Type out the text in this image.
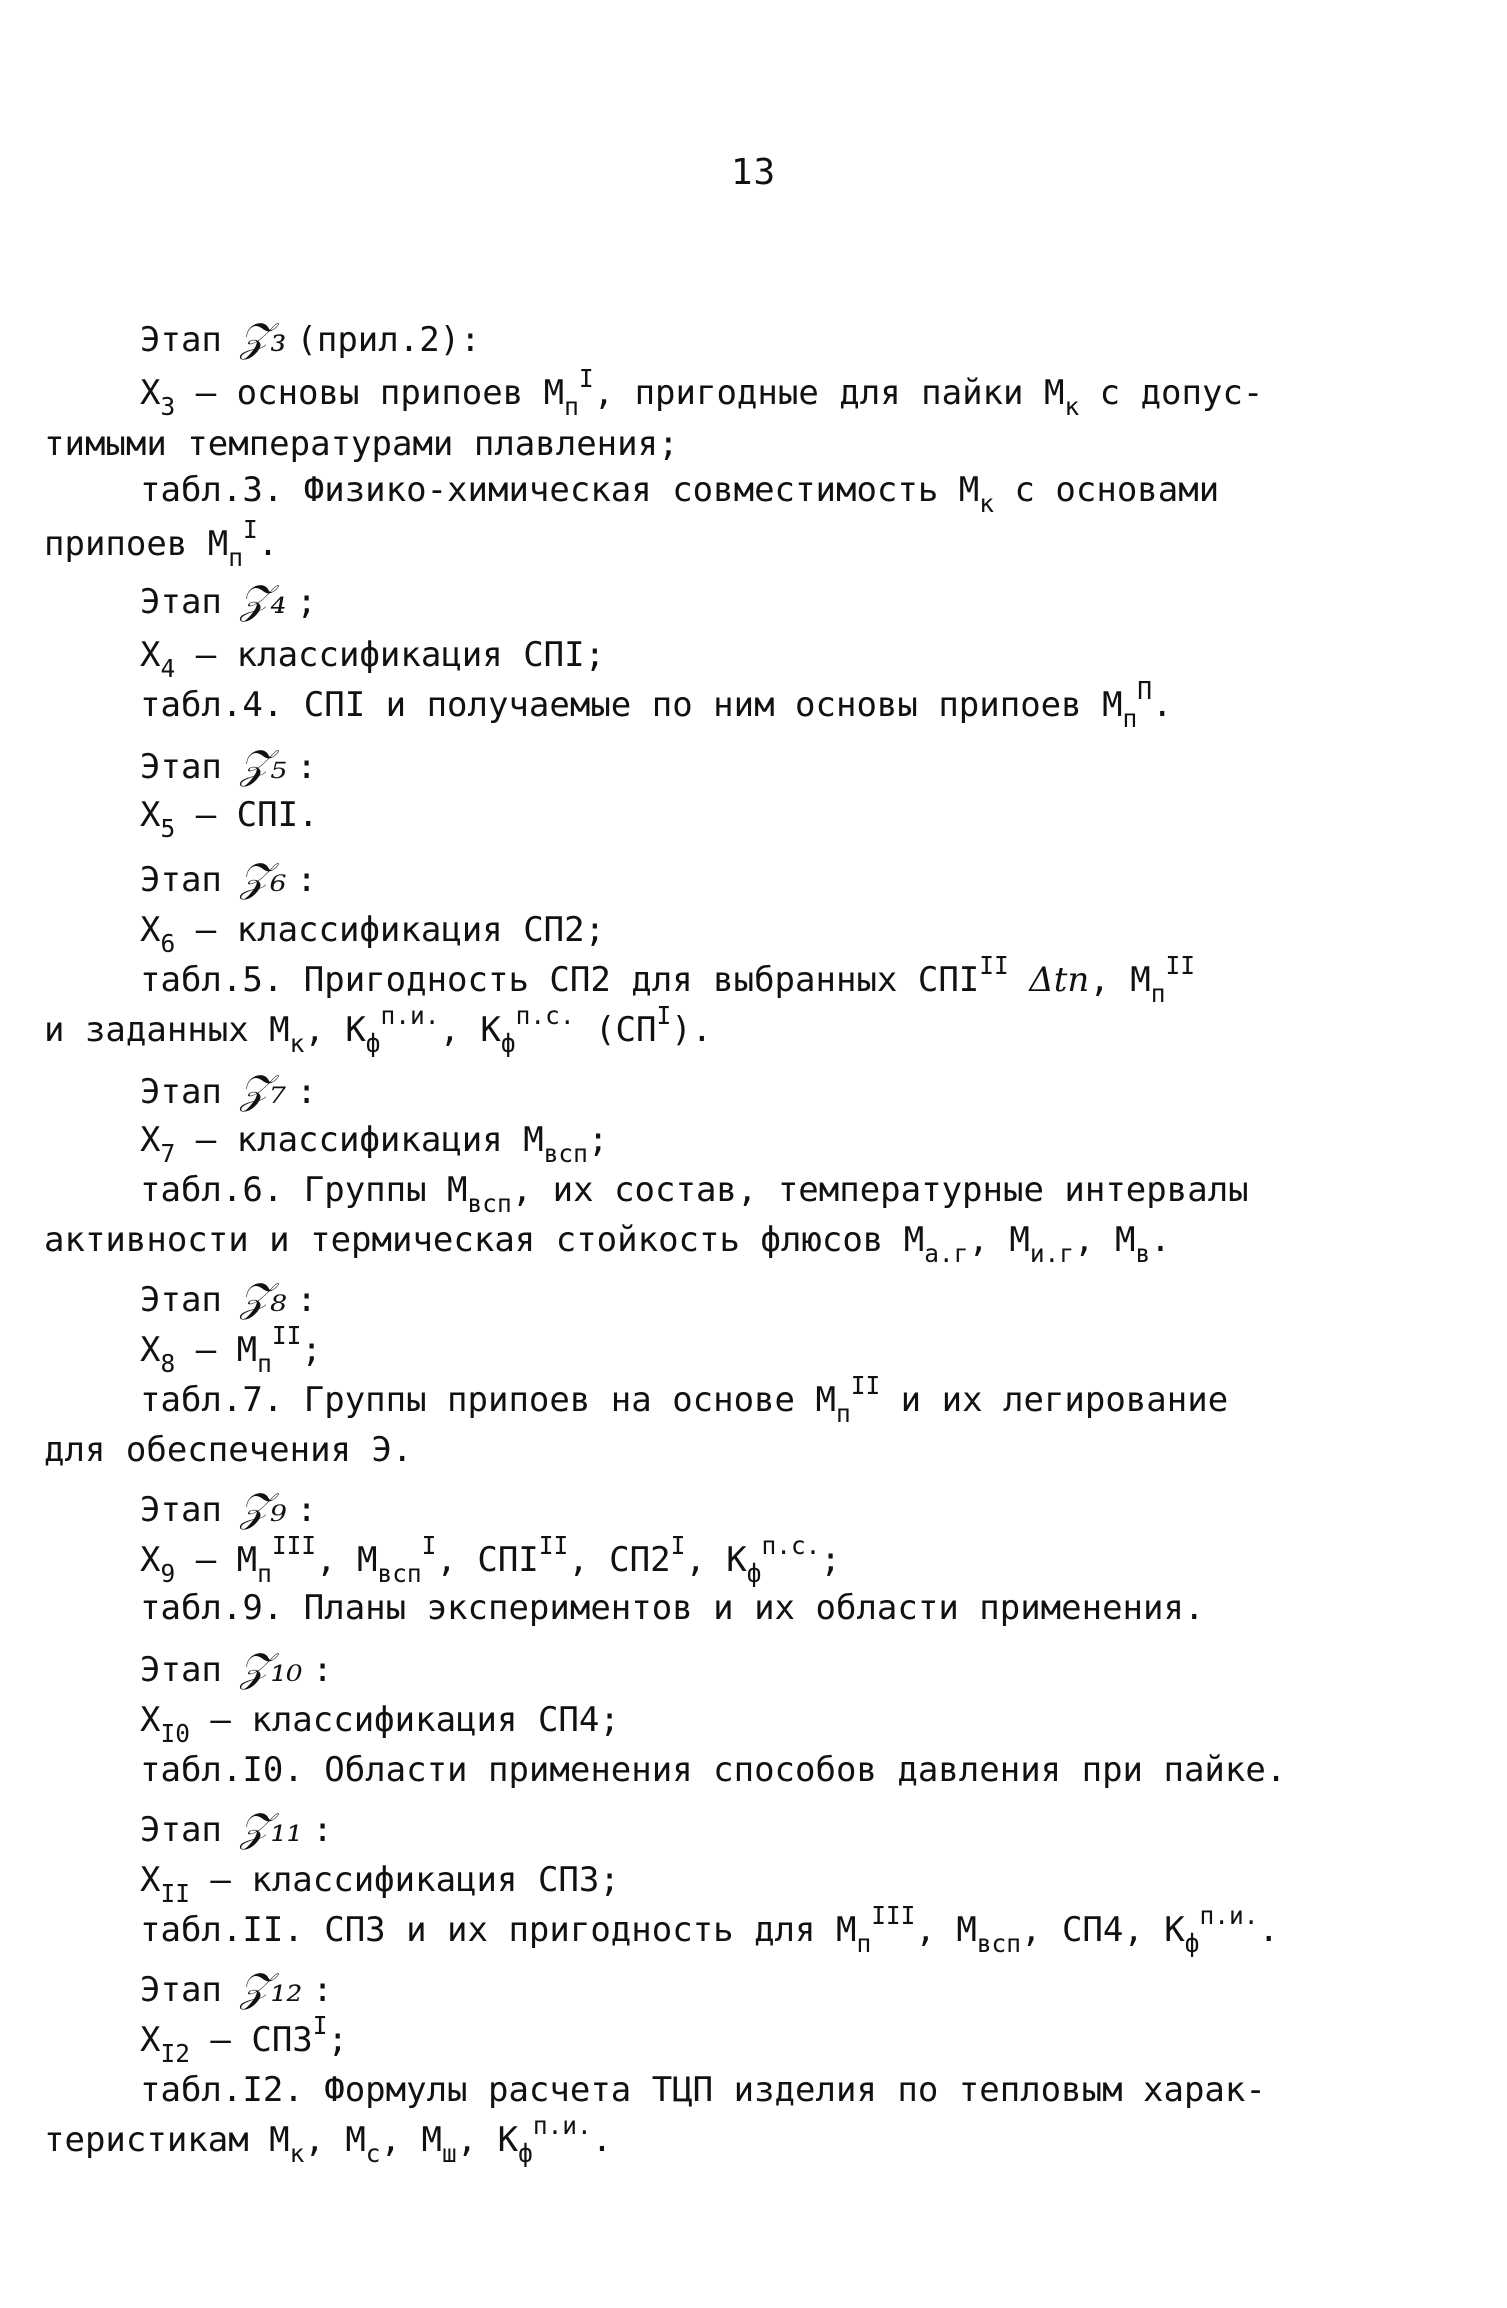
13
Этап 𝒵₃ (прил.2):
$X_3$ – основы припоев $М_п^I$, пригодные для пайки $М_к$ с допус-
тимыми температурами плавления;
табл.3. Физико-химическая совместимость $М_к$ с основами
припоев $М_п^I$.
Этап 𝒵₄ ;
$X_4$ – классификация СПI;
табл.4. СПI и получаемые по ним основы припоев $М_п^П$.
Этап 𝒵₅ :
$X_5$ – СПI.
Этап 𝒵₆ :
$X_6$ – классификация СП2;
табл.5. Пригодность СП2 для выбранных $СПI^{II}$ Δtп, $М_п^{II}$
и заданных $М_к$, $К_ф^{п.и.}$, $К_ф^{п.с.}$ $(СП^I)$.
Этап 𝒵₇ :
$X_7$ – классификация $М_{всп}$;
табл.6. Группы $М_{всп}$, их состав, температурные интервалы
активности и термическая стойкость флюсов $М_{а.г}$, $М_{и.г}$, $М_в$.
Этап 𝒵₈ :
$X_8 - М_п^{II}$;
табл.7. Группы припоев на основе $М_п^{II}$ и их легирование
для обеспечения Э.
Этап 𝒵₉ :
$X_9 - М_п^{III}$, $М_{всп}^I$, $СПI^{II}$, $СП2^I$, $К_ф^{п.с.}$;
табл.9. Планы экспериментов и их области применения.
Этап 𝒵₁₀ :
$X_{I0}$ – классификация СП4;
табл.I0. Области применения способов давления при пайке.
Этап 𝒵₁₁ :
$X_{II}$ – классификация СП3;
табл.II. СП3 и их пригодность для $М_п^{III}$, $М_{всп}$, СП4, $К_ф^{п.и.}$.
Этап 𝒵₁₂ :
$X_{I2} - СП3^I$;
табл.I2. Формулы расчета ТЦП изделия по тепловым харак-
теристикам $М_к$, $М_с$, $М_ш$, $К_ф^{п.и.}$.
